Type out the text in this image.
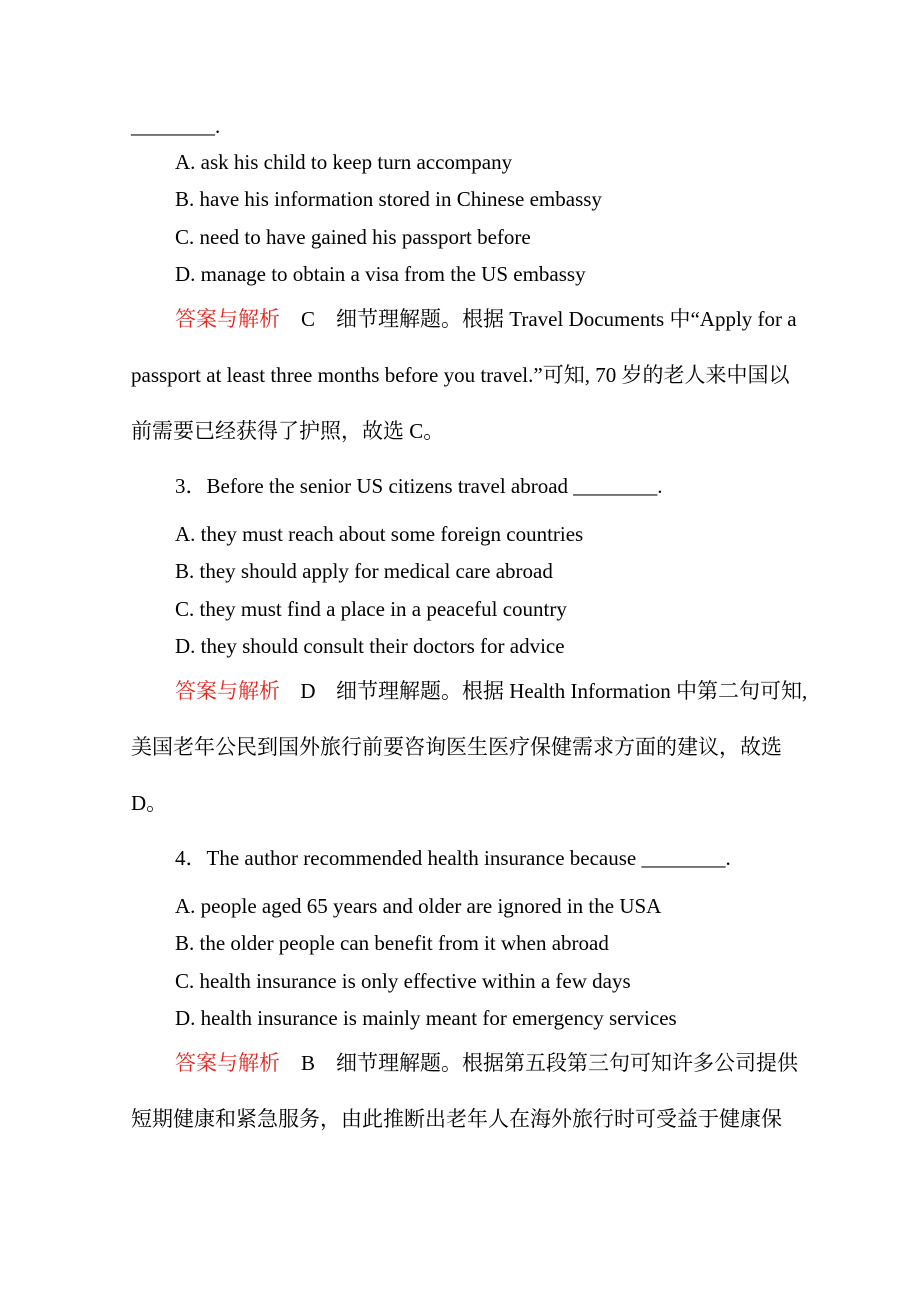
________.
A. ask his child to keep turn accompany
B. have his information stored in Chinese embassy
C. need to have gained his passport before
D. manage to obtain a visa from the US embassy
答案与解析 C 细节理解题。根据 Travel Documents 中“Apply for a
passport at least three months before you travel.”可知, 70 岁的老人来中国以
前需要已经获得了护照，故选 C。
3．Before the senior US citizens travel abroad ________.
A. they must reach about some foreign countries
B. they should apply for medical care abroad
C. they must find a place in a peaceful country
D. they should consult their doctors for advice
答案与解析 D 细节理解题。根据 Health Information 中第二句可知,
美国老年公民到国外旅行前要咨询医生医疗保健需求方面的建议，故选
D。
4．The author recommended health insurance because ________.
A. people aged 65 years and older are ignored in the USA
B. the older people can benefit from it when abroad
C. health insurance is only effective within a few days
D. health insurance is mainly meant for emergency services
答案与解析 B 细节理解题。根据第五段第三句可知许多公司提供
短期健康和紧急服务，由此推断出老年人在海外旅行时可受益于健康保
